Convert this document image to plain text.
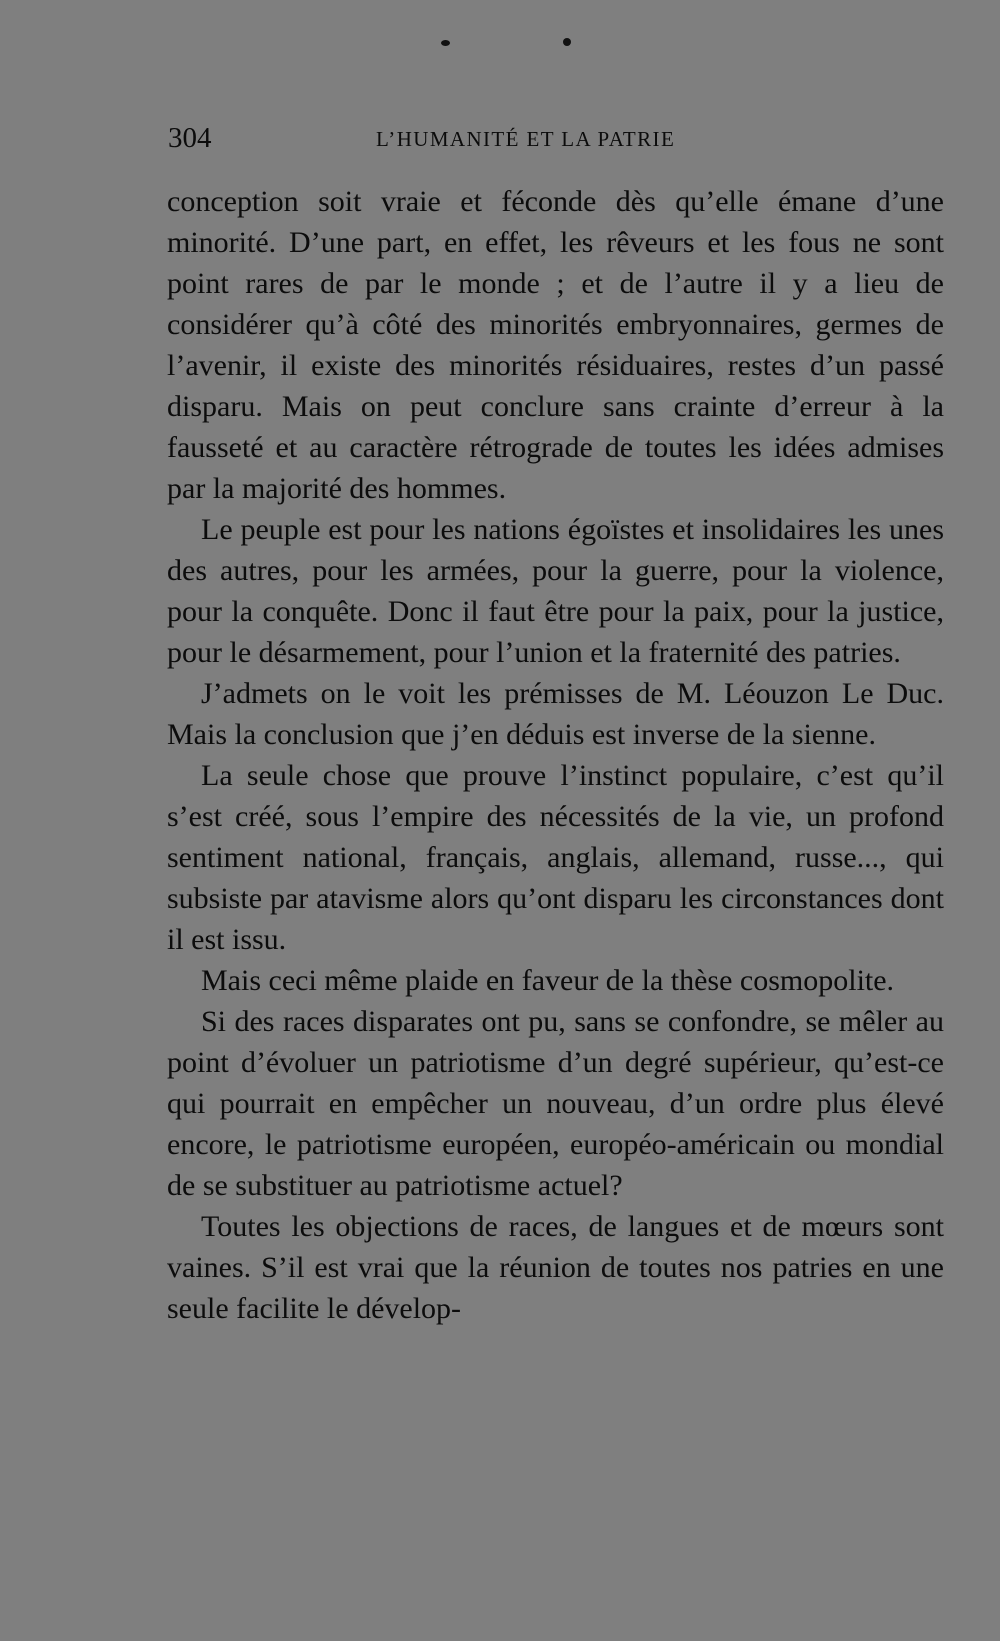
304	L’HUMANITÉ ET LA PATRIE

conception soit vraie et féconde dès qu’elle émane d’une minorité. D’une part, en effet, les rêveurs et les fous ne sont point rares de par le monde ; et de l’autre il y a lieu de considérer qu’à côté des minorités embryonnaires, germes de l’avenir, il existe des minorités résiduaires, restes d’un passé disparu. Mais on peut conclure sans crainte d’erreur à la fausseté et au caractère rétrograde de toutes les idées admises par la majorité des hommes.

Le peuple est pour les nations égoïstes et insolidaires les unes des autres, pour les armées, pour la guerre, pour la violence, pour la conquête. Donc il faut être pour la paix, pour la justice, pour le désarmement, pour l’union et la fraternité des patries.

J’admets on le voit les prémisses de M. Léouzon Le Duc. Mais la conclusion que j’en déduis est inverse de la sienne.

La seule chose que prouve l’instinct populaire, c’est qu’il s’est créé, sous l’empire des nécessités de la vie, un profond sentiment national, français, anglais, allemand, russe..., qui subsiste par atavisme alors qu’ont disparu les circonstances dont il est issu.

Mais ceci même plaide en faveur de la thèse cosmopolite.

Si des races disparates ont pu, sans se confondre, se mêler au point d’évoluer un patriotisme d’un degré supérieur, qu’est-ce qui pourrait en empêcher un nouveau, d’un ordre plus élevé encore, le patriotisme européen, européo-américain ou mondial de se substituer au patriotisme actuel?

Toutes les objections de races, de langues et de mœurs sont vaines. S’il est vrai que la réunion de toutes nos patries en une seule facilite le dévelop-
